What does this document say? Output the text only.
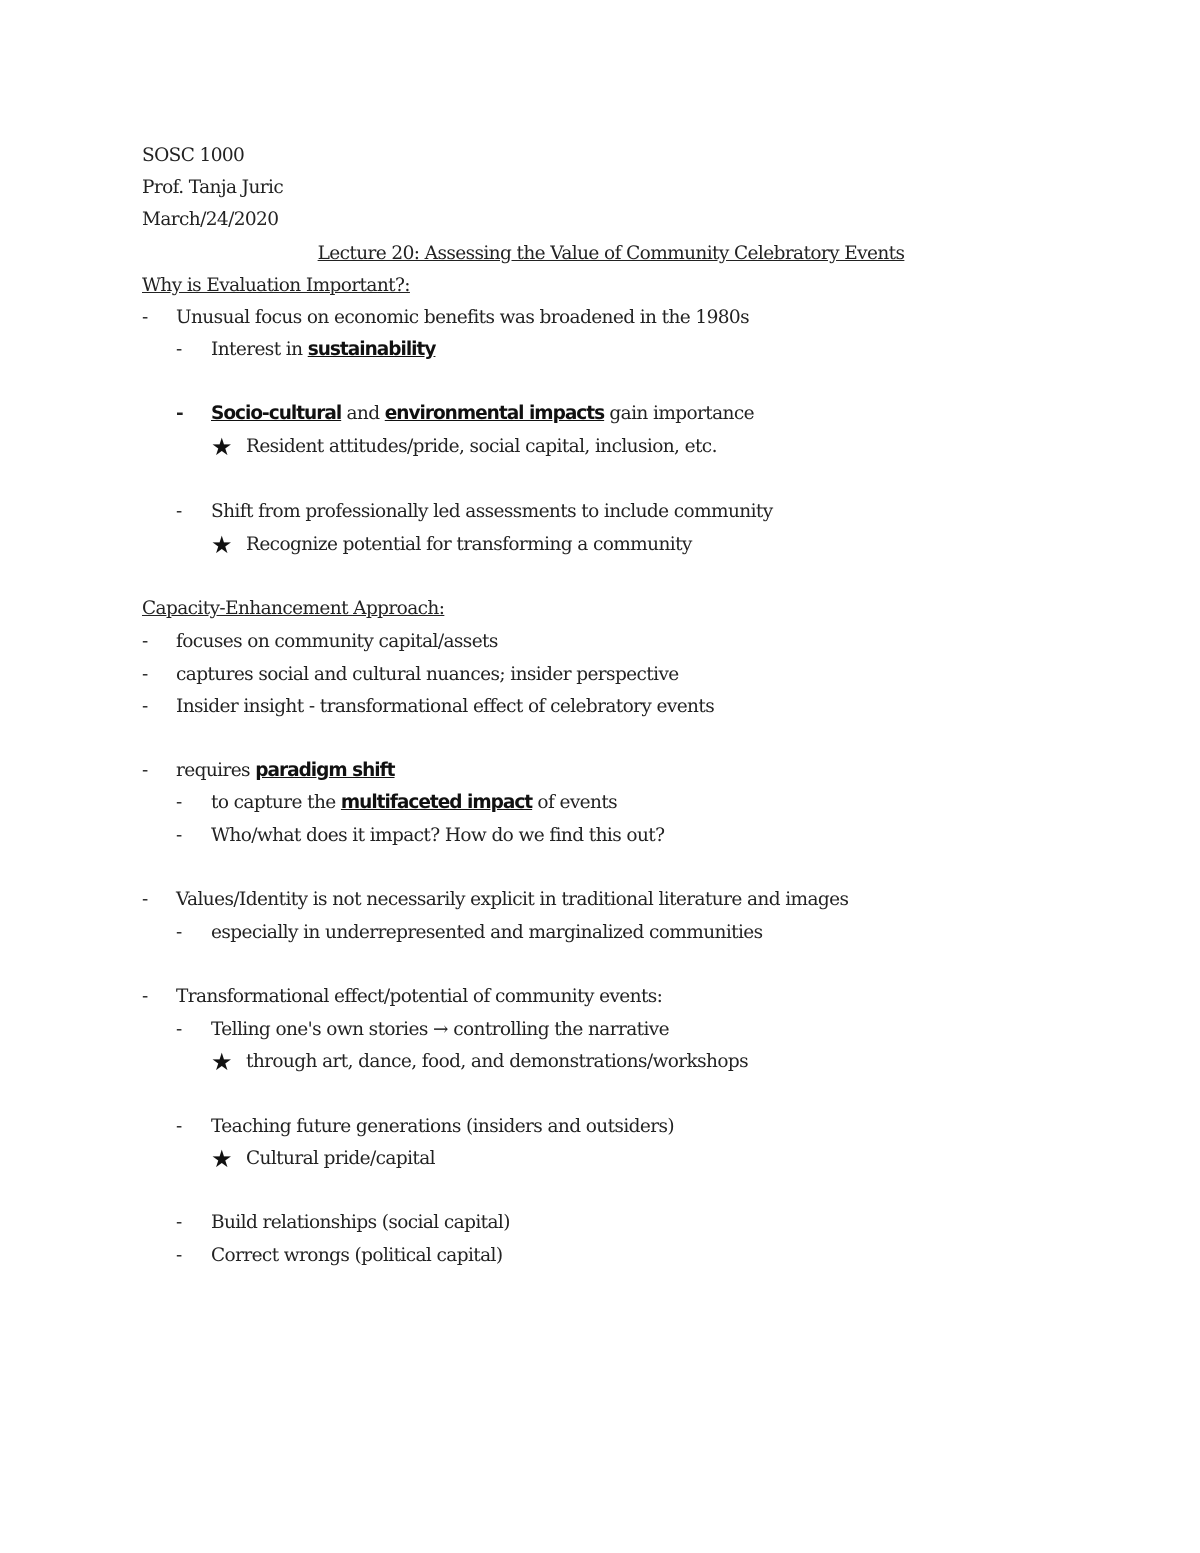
SOSC 1000
Prof. Tanja Juric
March/24/2020
Lecture 20: Assessing the Value of Community Celebratory Events
Why is Evaluation Important?:
-	Unusual focus on economic benefits was broadened in the 1980s
-	Interest in sustainability
-	Socio-cultural and environmental impacts gain importance
★ Resident attitudes/pride, social capital, inclusion, etc.
-	Shift from professionally led assessments to include community
★ Recognize potential for transforming a community
Capacity-Enhancement Approach:
-	focuses on community capital/assets
-	captures social and cultural nuances; insider perspective
-	Insider insight - transformational effect of celebratory events
-	requires paradigm shift
-	to capture the multifaceted impact of events
-	Who/what does it impact? How do we find this out?
-	Values/Identity is not necessarily explicit in traditional literature and images
-	especially in underrepresented and marginalized communities
-	Transformational effect/potential of community events:
-	Telling one's own stories → controlling the narrative
★ through art, dance, food, and demonstrations/workshops
-	Teaching future generations (insiders and outsiders)
★ Cultural pride/capital
-	Build relationships (social capital)
-	Correct wrongs (political capital)
